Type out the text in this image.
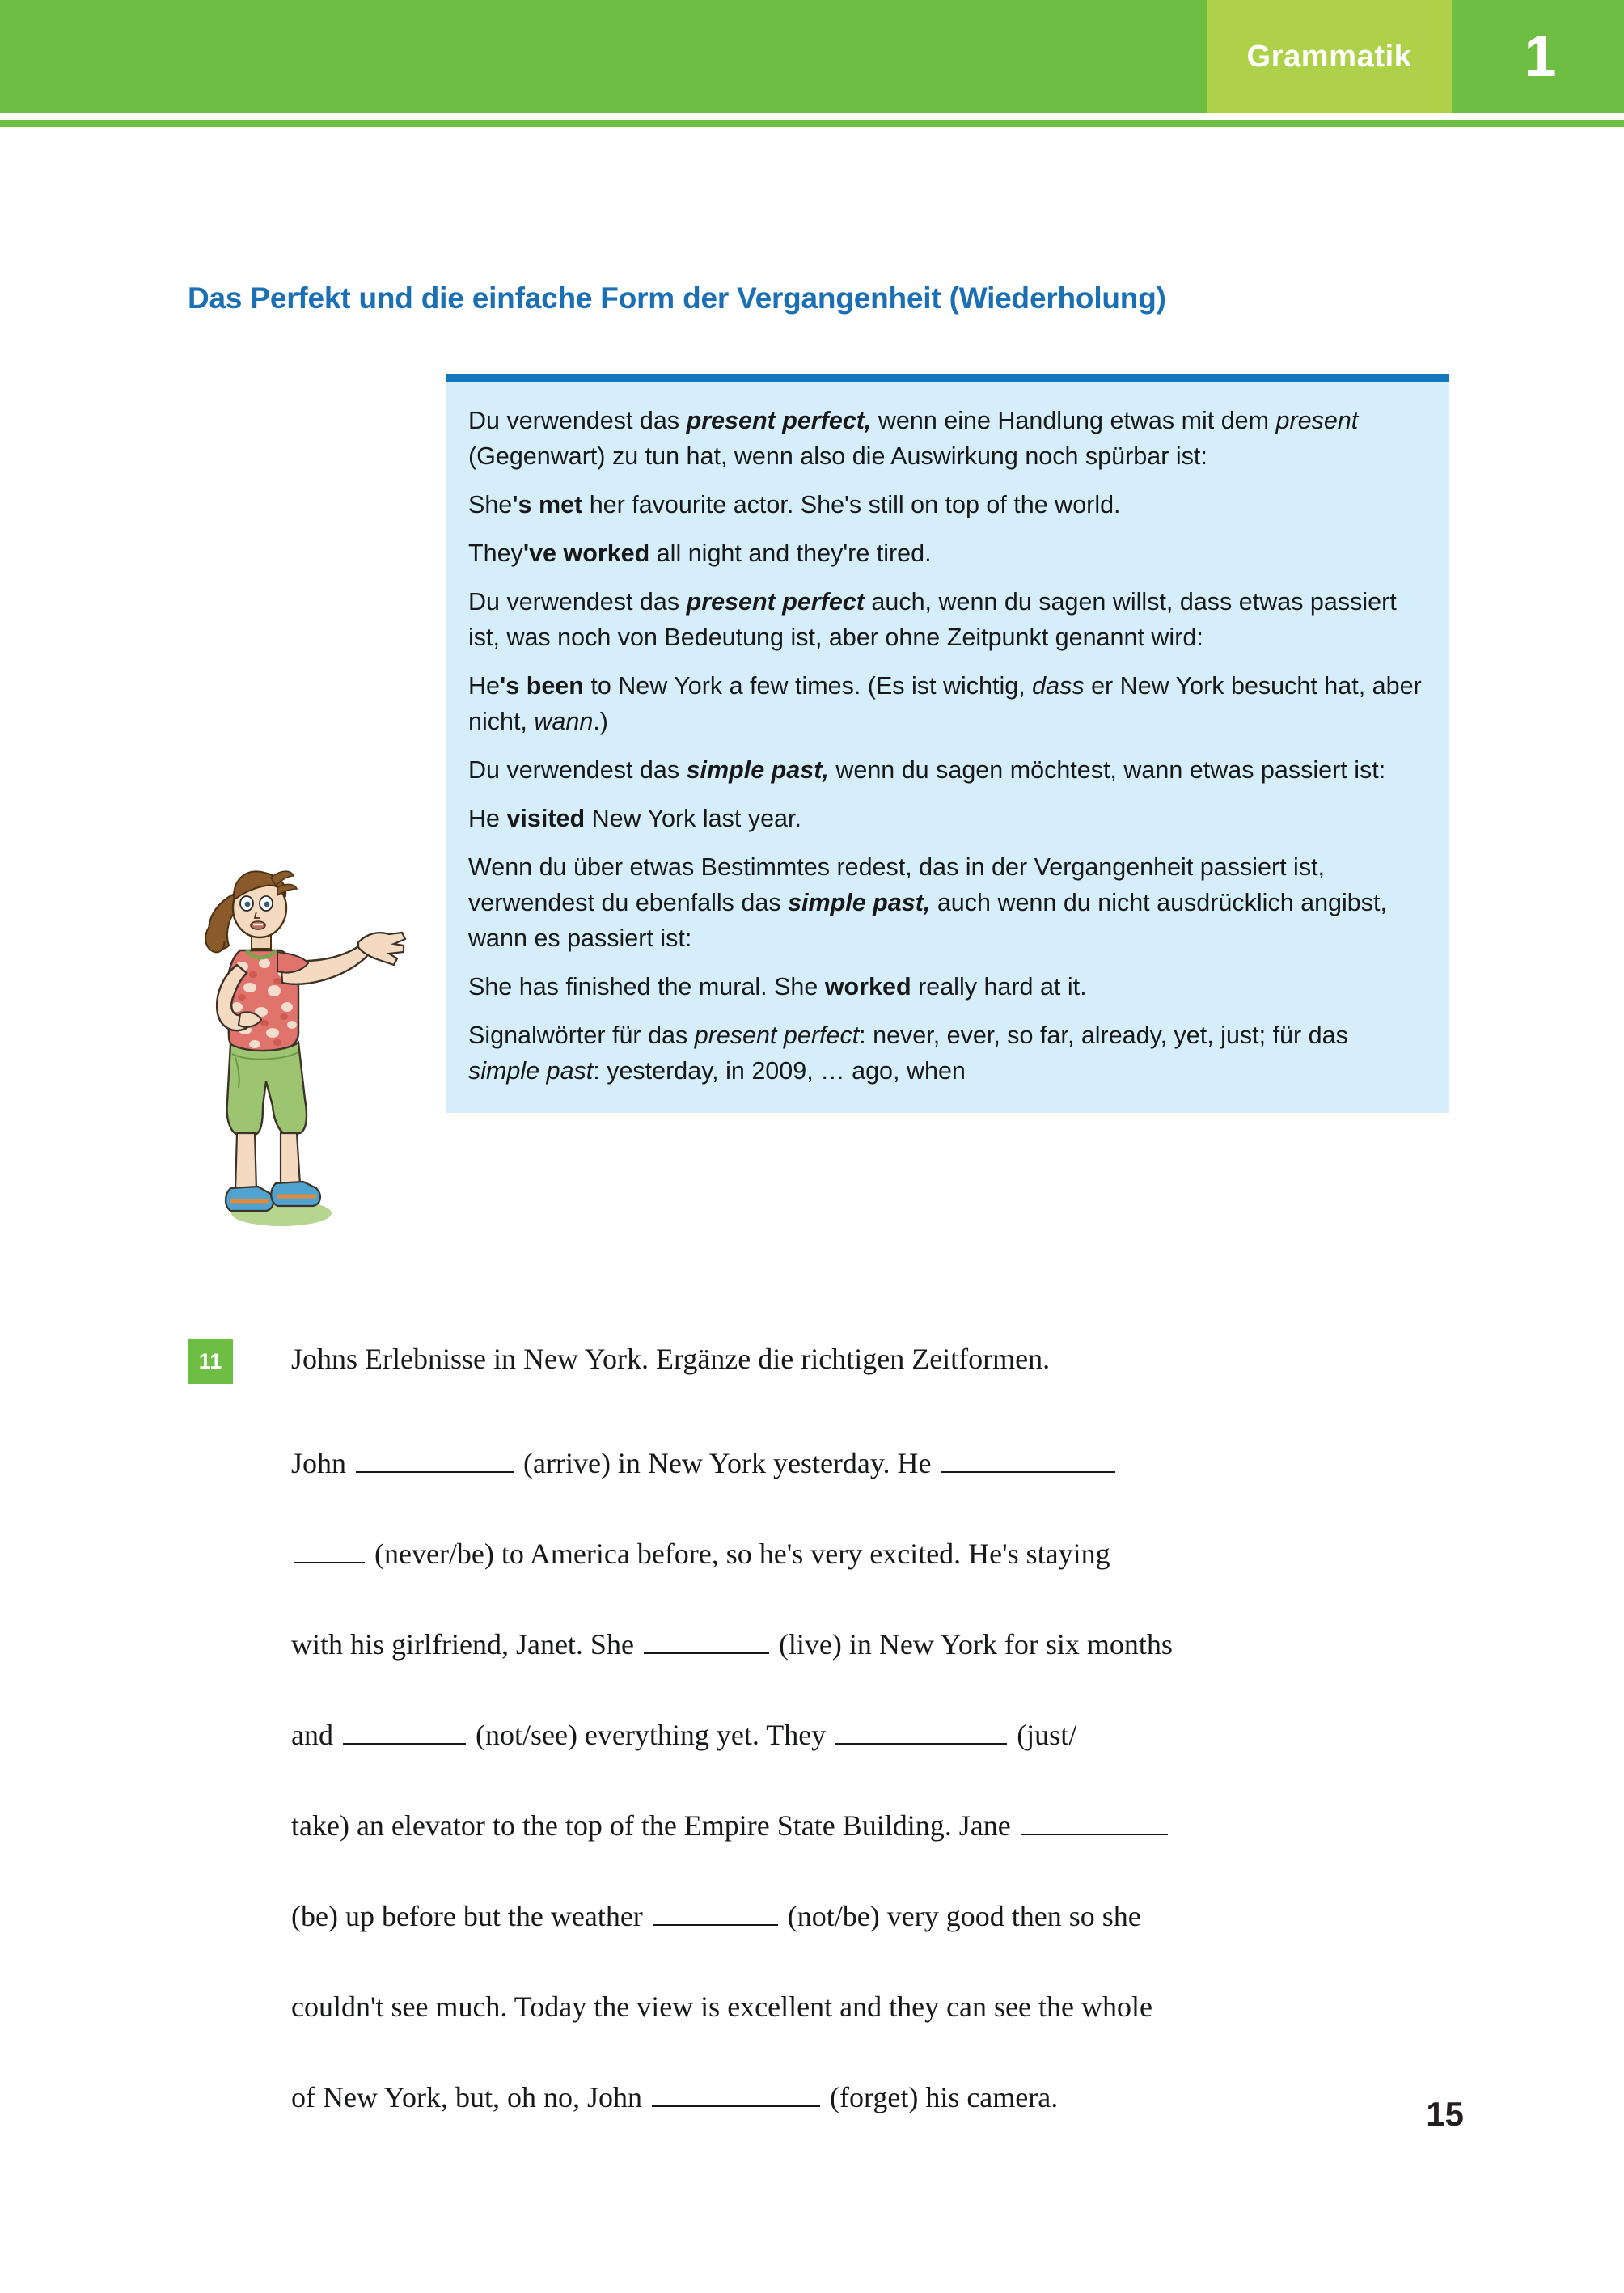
Grammatik 1
Das Perfekt und die einfache Form der Vergangenheit (Wiederholung)

Du verwendest das present perfect, wenn eine Handlung etwas mit dem present (Gegenwart) zu tun hat, wenn also die Auswirkung noch spürbar ist:

She's met her favourite actor. She's still on top of the world.

They've worked all night and they're tired.

Du verwendest das present perfect auch, wenn du sagen willst, dass etwas passiert ist, was noch von Bedeutung ist, aber ohne Zeitpunkt genannt wird:

He's been to New York a few times. (Es ist wichtig, dass er New York besucht hat, aber nicht, wann.)

Du verwendest das simple past, wenn du sagen möchtest, wann etwas passiert ist:

He visited New York last year.

Wenn du über etwas Bestimmtes redest, das in der Vergangenheit passiert ist, verwendest du ebenfalls das simple past, auch wenn du nicht ausdrücklich angibst, wann es passiert ist:

She has finished the mural. She worked really hard at it.

Signalwörter für das present perfect: never, ever, so far, already, yet, just; für das simple past: yesterday, in 2009, … ago, when

11	Johns Erlebnisse in New York. Ergänze die richtigen Zeitformen.
John	(arrive) in New York yesterday. He
(never/be) to America before, so he's very excited. He's staying
with his girlfriend, Janet. She	(live) in New York for six months
and	(not/see) everything yet. They	(just/
take) an elevator to the top of the Empire State Building. Jane
(be) up before but the weather	(not/be) very good then so she
couldn't see much. Today the view is excellent and they can see the whole
of New York, but, oh no, John	(forget) his camera.	15
